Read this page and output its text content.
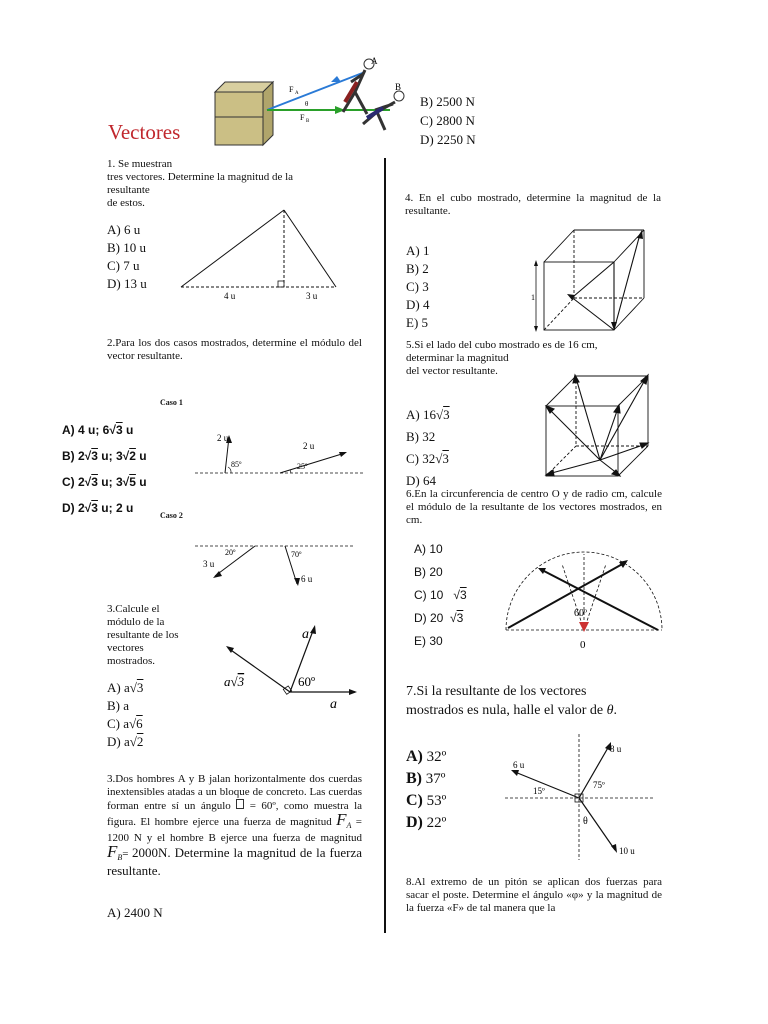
A
B
F A
F B
θ
Vectores
B) 2500 N
C) 2800 N
D) 2250 N
1. Se muestran
tres vectores. Determine la magnitud de la
resultante
de estos.
A) 6 u
B) 10 u
C) 7 u
D) 13 u
4 u	3 u
2.Para los dos casos mostrados, determine el módulo del vector resultante.
Caso 1
Caso 2
A) 4 u; 6√3 u
B) 2√3 u; 3√2 u
C) 2√3 u; 3√5 u
D) 2√3 u; 2 u
2 u
85º
2 u
25º
20º	70º
3 u
6 u
3.Calcule el
módulo de la
resultante de los
vectores
mostrados.
A) a√3
B) a
C) a√6
D) a√2
a
a√3	60º
a
3.Dos hombres A y B jalan horizontalmente dos cuerdas inextensibles atadas a un bloque de concreto. Las cuerdas forman entre sí un ángulo  = 60º, como muestra la figura. El hombre ejerce una fuerza de magnitud $F_A = 1200$ N y el hombre B ejerce una fuerza de magnitud $F_B= 2000N$. Determine la magnitud de la fuerza resultante.
A) 2400 N
4. En el cubo mostrado, determine la magnitud de la resultante.
A) 1
B) 2
C) 3
D) 4
E) 5
1
5.Si el lado del cubo mostrado es de 16 cm,
determinar la magnitud
del vector resultante.
A) 16√3
B) 32
C) 32√3
D) 64
6.En la circunferencia de centro O y de radio cm, calcule el módulo de la resultante de los vectores mostrados, en cm.
A) 10
B) 20
C) 10   √3
D) 20  √3
E) 30
60º
0
7.Si la resultante de los vectores
mostrados es nula, halle el valor de θ.
A) 32º
B) 37º
C) 53º
D) 22º
8 u
75º
6 u
15º
10 u
θ
8.Al extremo de un pitón se aplican dos fuerzas para sacar el poste. Determine el ángulo «φ» y la magnitud de la fuerza «F» de tal manera que la
